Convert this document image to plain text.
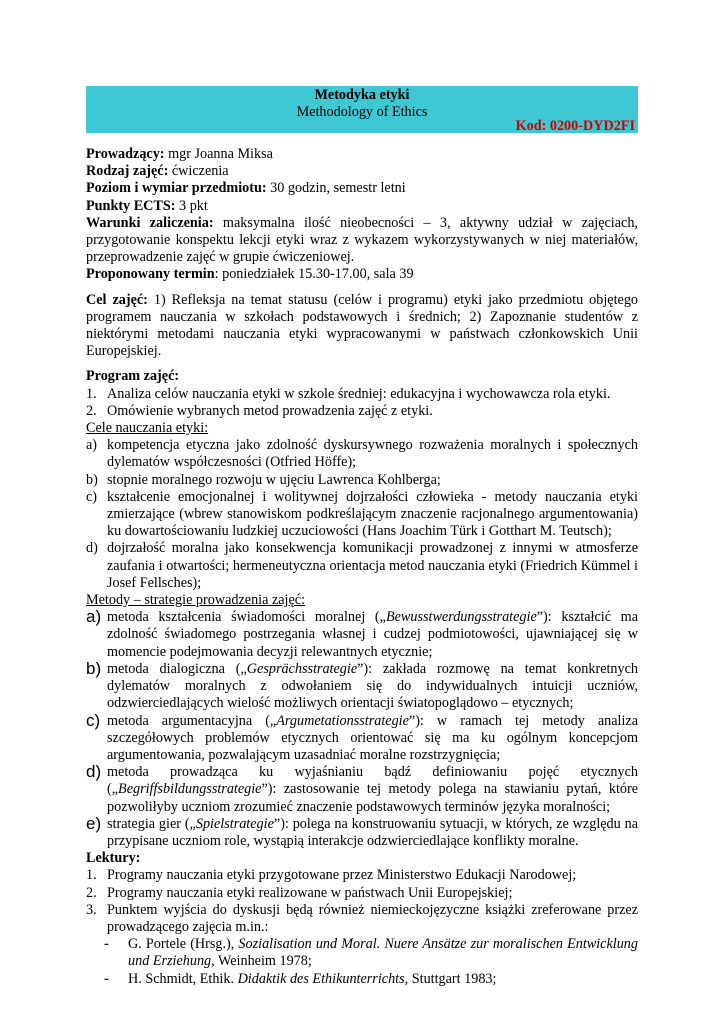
Metodyka etyki
Methodology of Ethics
Kod: 0200-DYD2FI

Prowadzący: mgr Joanna Miksa

Rodzaj zajęć: ćwiczenia

Poziom i wymiar przedmiotu: 30 godzin, semestr letni

Punkty ECTS: 3 pkt

Warunki zaliczenia: maksymalna ilość nieobecności – 3, aktywny udział w zajęciach, przygotowanie konspektu lekcji etyki wraz z wykazem wykorzystywanych w niej materiałów, przeprowadzenie zajęć w grupie ćwiczeniowej.

Proponowany termin: poniedziałek 15.30-17.00, sala 39

Cel zajęć: 1) Refleksja na temat statusu (celów i programu) etyki jako przedmiotu objętego programem nauczania w szkołach podstawowych i średnich; 2) Zapoznanie studentów z niektórymi metodami nauczania etyki wypracowanymi w państwach członkowskich Unii Europejskiej.

Program zajęć:

1. Analiza celów nauczania etyki w szkole średniej: edukacyjna i wychowawcza rola etyki.
2. Omówienie wybranych metod prowadzenia zajęć z etyki.

Cele nauczania etyki:

a) kompetencja etyczna jako zdolność dyskursywnego rozważenia moralnych i społecznych dylematów współczesności (Otfried Höffe);
b) stopnie moralnego rozwoju w ujęciu Lawrenca Kohlberga;
c) kształcenie emocjonalnej i wolitywnej dojrzałości człowieka - metody nauczania etyki zmierzające (wbrew stanowiskom podkreślającym znaczenie racjonalnego argumentowania) ku dowartościowaniu ludzkiej uczuciowości (Hans Joachim Türk i Gotthart M. Teutsch);
d) dojrzałość moralna jako konsekwencja komunikacji prowadzonej z innymi w atmosferze zaufania i otwartości; hermeneutyczna orientacja metod nauczania etyki (Friedrich Kümmel i Josef Fellsches);

Metody – strategie prowadzenia zajęć:

a) metoda kształcenia świadomości moralnej („Bewusstwerdungsstrategie”): kształcić ma zdolność świadomego postrzegania własnej i cudzej podmiotowości, ujawniającej się w momencie podejmowania decyzji relewantnych etycznie;
b) metoda dialogiczna („Gesprächsstrategie”): zakłada rozmowę na temat konkretnych dylematów moralnych z odwołaniem się do indywidualnych intuicji uczniów, odzwierciedlających wielość możliwych orientacji światopoglądowo – etycznych;
c) metoda argumentacyjna („Argumetationsstrategie”): w ramach tej metody analiza szczegółowych problemów etycznych orientować się ma ku ogólnym koncepcjom argumentowania, pozwalającym uzasadniać moralne rozstrzygnięcia;
d) metoda prowadząca ku wyjaśnianiu bądź definiowaniu pojęć etycznych („Begriffsbildungsstrategie”): zastosowanie tej metody polega na stawianiu pytań, które pozwoliłyby uczniom zrozumieć znaczenie podstawowych terminów języka moralności;
e) strategia gier („Spielstrategie”): polega na konstruowaniu sytuacji, w których, ze względu na przypisane uczniom role, wystąpią interakcje odzwierciedlające konflikty moralne.

Lektury:

1. Programy nauczania etyki przygotowane przez Ministerstwo Edukacji Narodowej;
2. Programy nauczania etyki realizowane w państwach Unii Europejskiej;
3. Punktem wyjścia do dyskusji będą również niemieckojęzyczne książki zreferowane przez prowadzącego zajęcia m.in.:
- G. Portele (Hrsg.), Sozialisation und Moral. Nuere Ansätze zur moralischen Entwicklung und Erziehung, Weinheim 1978;
- H. Schmidt, Ethik. Didaktik des Ethikunterrichts, Stuttgart 1983;
